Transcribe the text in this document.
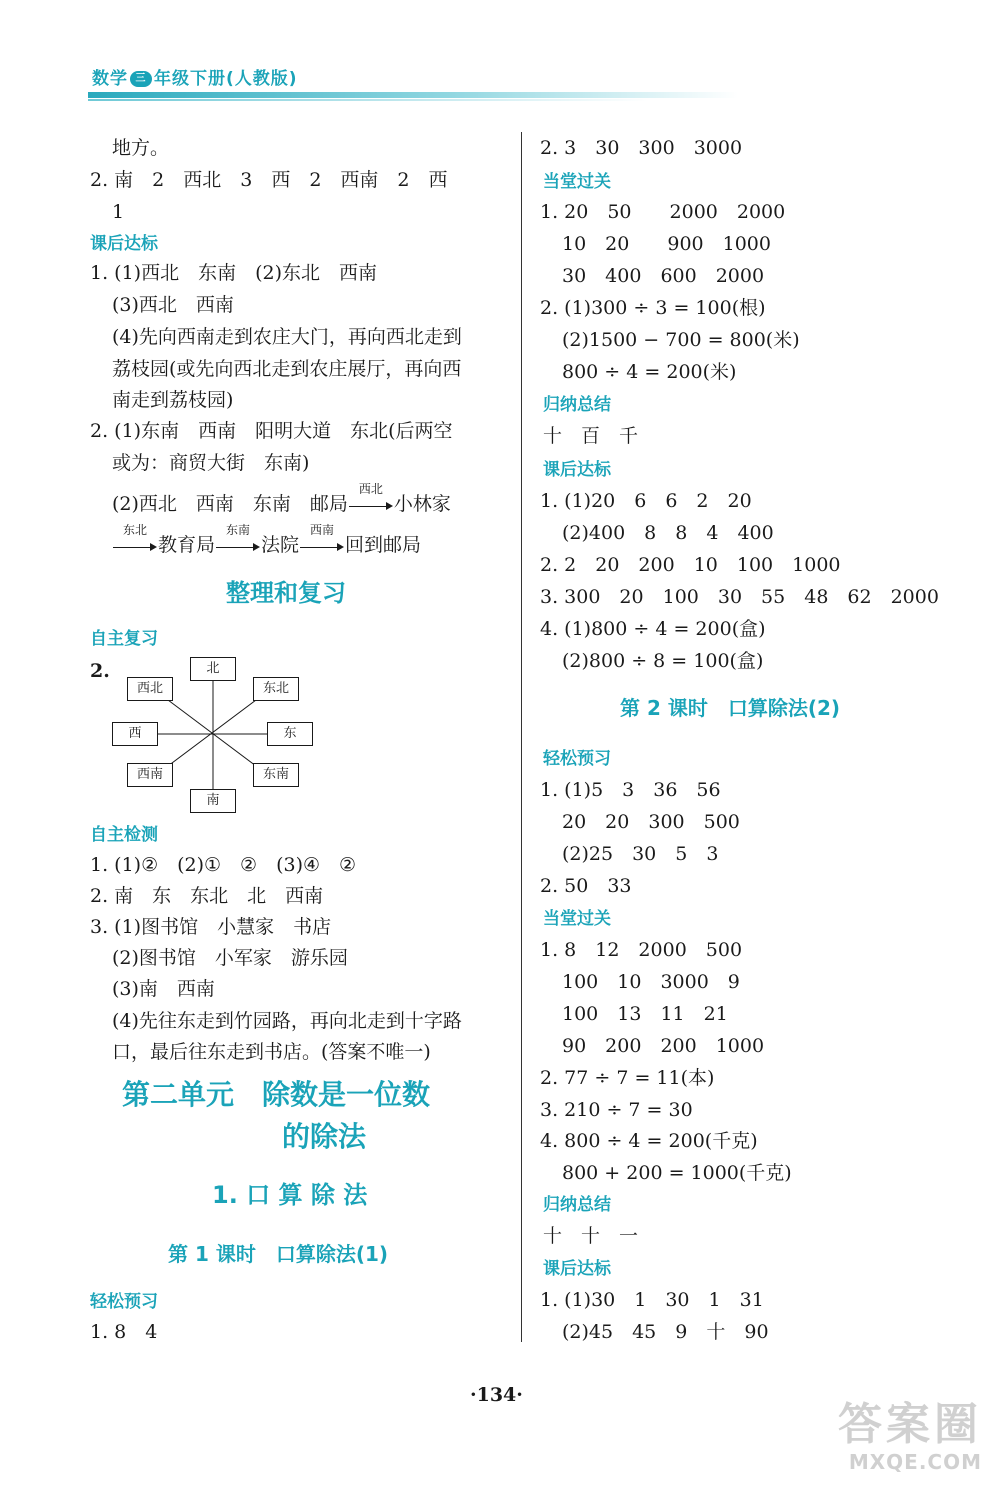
数学 三 年级下册(人教版)
地方。
2. 南　2　西北　3　西　2　西南　2　西
1
课后达标
1. (1)西北　东南　(2)东北　西南
(3)西北　西南
(4)先向西南走到农庄大门，再向西北走到
荔枝园(或先向西北走到农庄展厅，再向西
南走到荔枝园)
2. (1)东南　西南　阳明大道　东北(后两空
或为：商贸大街　东南)
(2)西北　西南　东南　邮局
西北
小林家
东北
教育局
东南
法院
西南
回到邮局
整理和复习
自主复习
2.	北
西北	东北
西	东
西南	东南
南
自主检测
1. (1)②　(2)①　②　(3)④　②
2. 南　东　东北　北　西南
3. (1)图书馆　小慧家　书店
(2)图书馆　小军家　游乐园
(3)南　西南
(4)先往东走到竹园路，再向北走到十字路
口，最后往东走到书店。(答案不唯一)
第二单元　除数是一位数
的除法
1. 口 算 除 法
第 1 课时　口算除法(1)
轻松预习
1. 8　4
2. 3　30　300　3000
当堂过关
1. 20　50　　2000　2000
10　20　　900　1000
30　400　600　2000
2. (1)300 ÷ 3 = 100(根)
(2)1500 − 700 = 800(米)
800 ÷ 4 = 200(米)
归纳总结
十　百　千
课后达标
1. (1)20　6　6　2　20
(2)400　8　8　4　400
2. 2　20　200　10　100　1000
3. 300　20　100　30　55　48　62　2000
4. (1)800 ÷ 4 = 200(盒)
(2)800 ÷ 8 = 100(盒)
第 2 课时　口算除法(2)
轻松预习
1. (1)5　3　36　56
20　20　300　500
(2)25　30　5　3
2. 50　33
当堂过关
1. 8　12　2000　500
100　10　3000　9
100　13　11　21
90　200　200　1000
2. 77 ÷ 7 = 11(本)
3. 210 ÷ 7 = 30
4. 800 ÷ 4 = 200(千克)
800 + 200 = 1000(千克)
归纳总结
十　十　一
课后达标
1. (1)30　1　30　1　31
(2)45　45　9　十　90
·134·
答案圈
MXQE.COM
